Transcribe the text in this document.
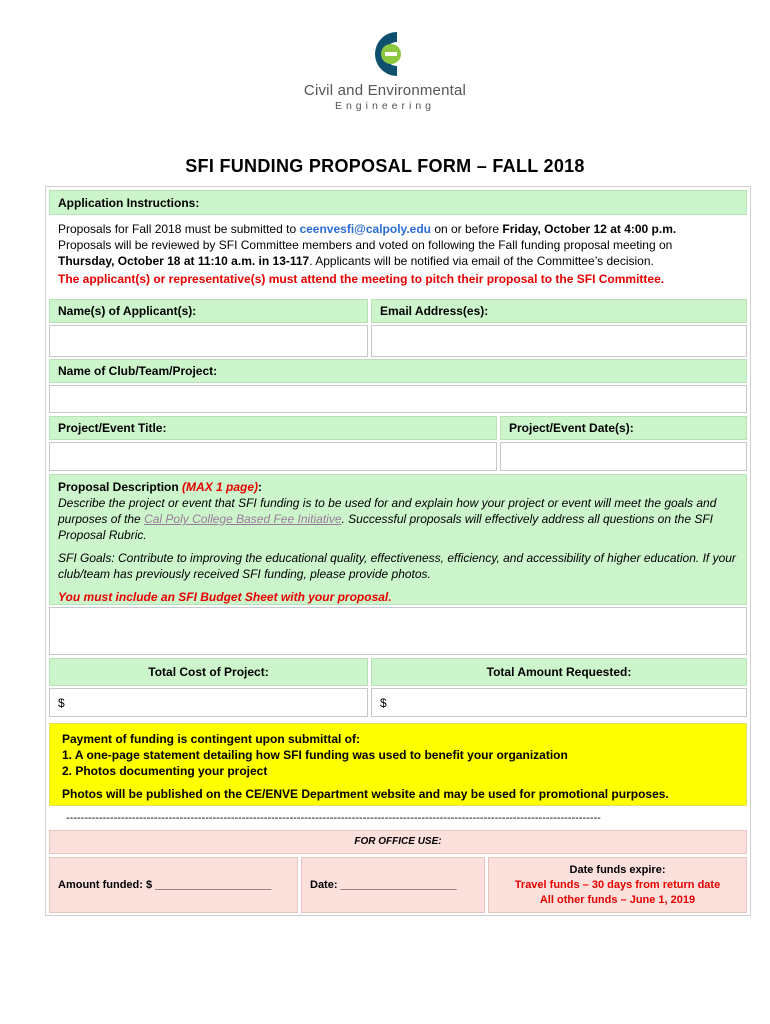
Civil and Environmental
Engineering
SFI FUNDING PROPOSAL FORM – FALL 2018
Application Instructions:

Proposals for Fall 2018 must be submitted to ceenvesfi@calpoly.edu on or before Friday, October 12 at 4:00 p.m.

Proposals will be reviewed by SFI Committee members and voted on following the Fall funding proposal meeting on

Thursday, October 18 at 11:10 a.m. in 13-117. Applicants will be notified via email of the Committee’s decision.

The applicant(s) or representative(s) must attend the meeting to pitch their proposal to the SFI Committee.

Name(s) of Applicant(s):	Email Address(es):
Name of Club/Team/Project:
Project/Event Title:	Project/Event Date(s):

Proposal Description (MAX 1 page):

Describe the project or event that SFI funding is to be used for and explain how your project or event will meet the goals and purposes of the Cal Poly College Based Fee Initiative. Successful proposals will effectively address all questions on the SFI Proposal Rubric.

SFI Goals: Contribute to improving the educational quality, effectiveness, efficiency, and accessibility of higher education. If your club/team has previously received SFI funding, please provide photos.

You must include an SFI Budget Sheet with your proposal.

Total Cost of Project:	Total Amount Requested:
$	$

Payment of funding is contingent upon submittal of:

1. A one-page statement detailing how SFI funding was used to benefit your organization

2. Photos documenting your project

Photos will be published on the CE/ENVE Department website and may be used for promotional purposes.

--------------------------------------------------------------------------------------------------------------------------------------------------
FOR OFFICE USE:
Amount funded: $ ___________________	Date: ___________________

Date funds expire:

Travel funds – 30 days from return date

All other funds – June 1, 2019
